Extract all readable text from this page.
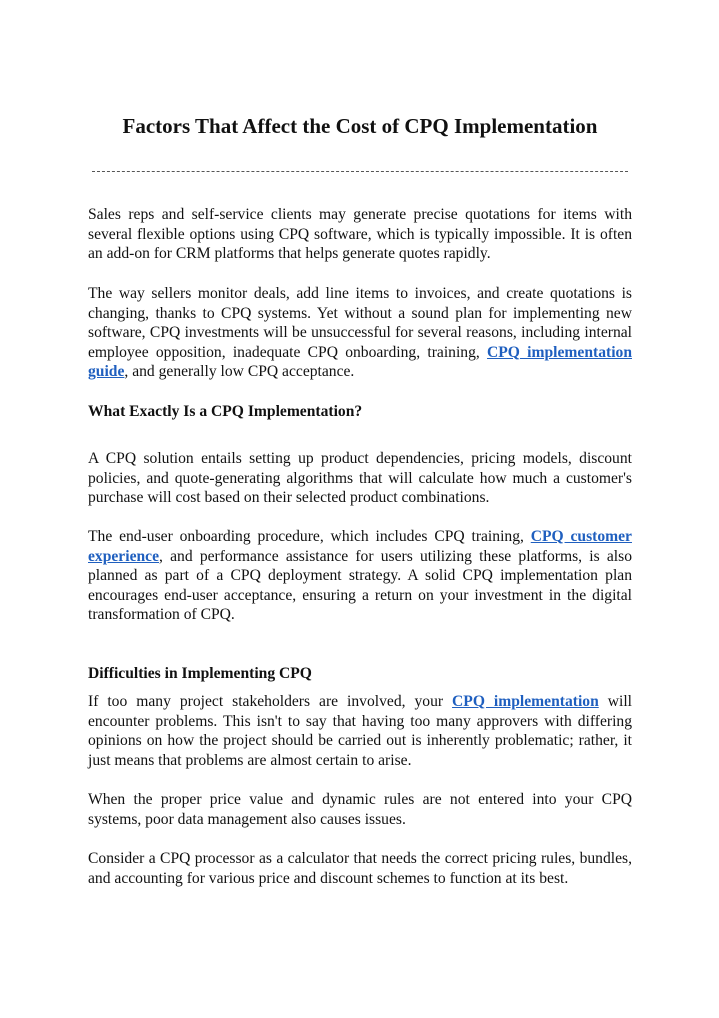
Factors That Affect the Cost of CPQ Implementation

Sales reps and self-service clients may generate precise quotations for items with several flexible options using CPQ software, which is typically impossible. It is often an add-on for CRM platforms that helps generate quotes rapidly.

The way sellers monitor deals, add line items to invoices, and create quotations is changing, thanks to CPQ systems. Yet without a sound plan for implementing new software, CPQ investments will be unsuccessful for several reasons, including internal employee opposition, inadequate CPQ onboarding, training, CPQ implementation guide, and generally low CPQ acceptance.

What Exactly Is a CPQ Implementation?

A CPQ solution entails setting up product dependencies, pricing models, discount policies, and quote-generating algorithms that will calculate how much a customer's purchase will cost based on their selected product combinations.

The end-user onboarding procedure, which includes CPQ training, CPQ customer experience, and performance assistance for users utilizing these platforms, is also planned as part of a CPQ deployment strategy. A solid CPQ implementation plan encourages end-user acceptance, ensuring a return on your investment in the digital transformation of CPQ.

Difficulties in Implementing CPQ

If too many project stakeholders are involved, your CPQ implementation will encounter problems. This isn't to say that having too many approvers with differing opinions on how the project should be carried out is inherently problematic; rather, it just means that problems are almost certain to arise.

When the proper price value and dynamic rules are not entered into your CPQ systems, poor data management also causes issues.

Consider a CPQ processor as a calculator that needs the correct pricing rules, bundles, and accounting for various price and discount schemes to function at its best.
